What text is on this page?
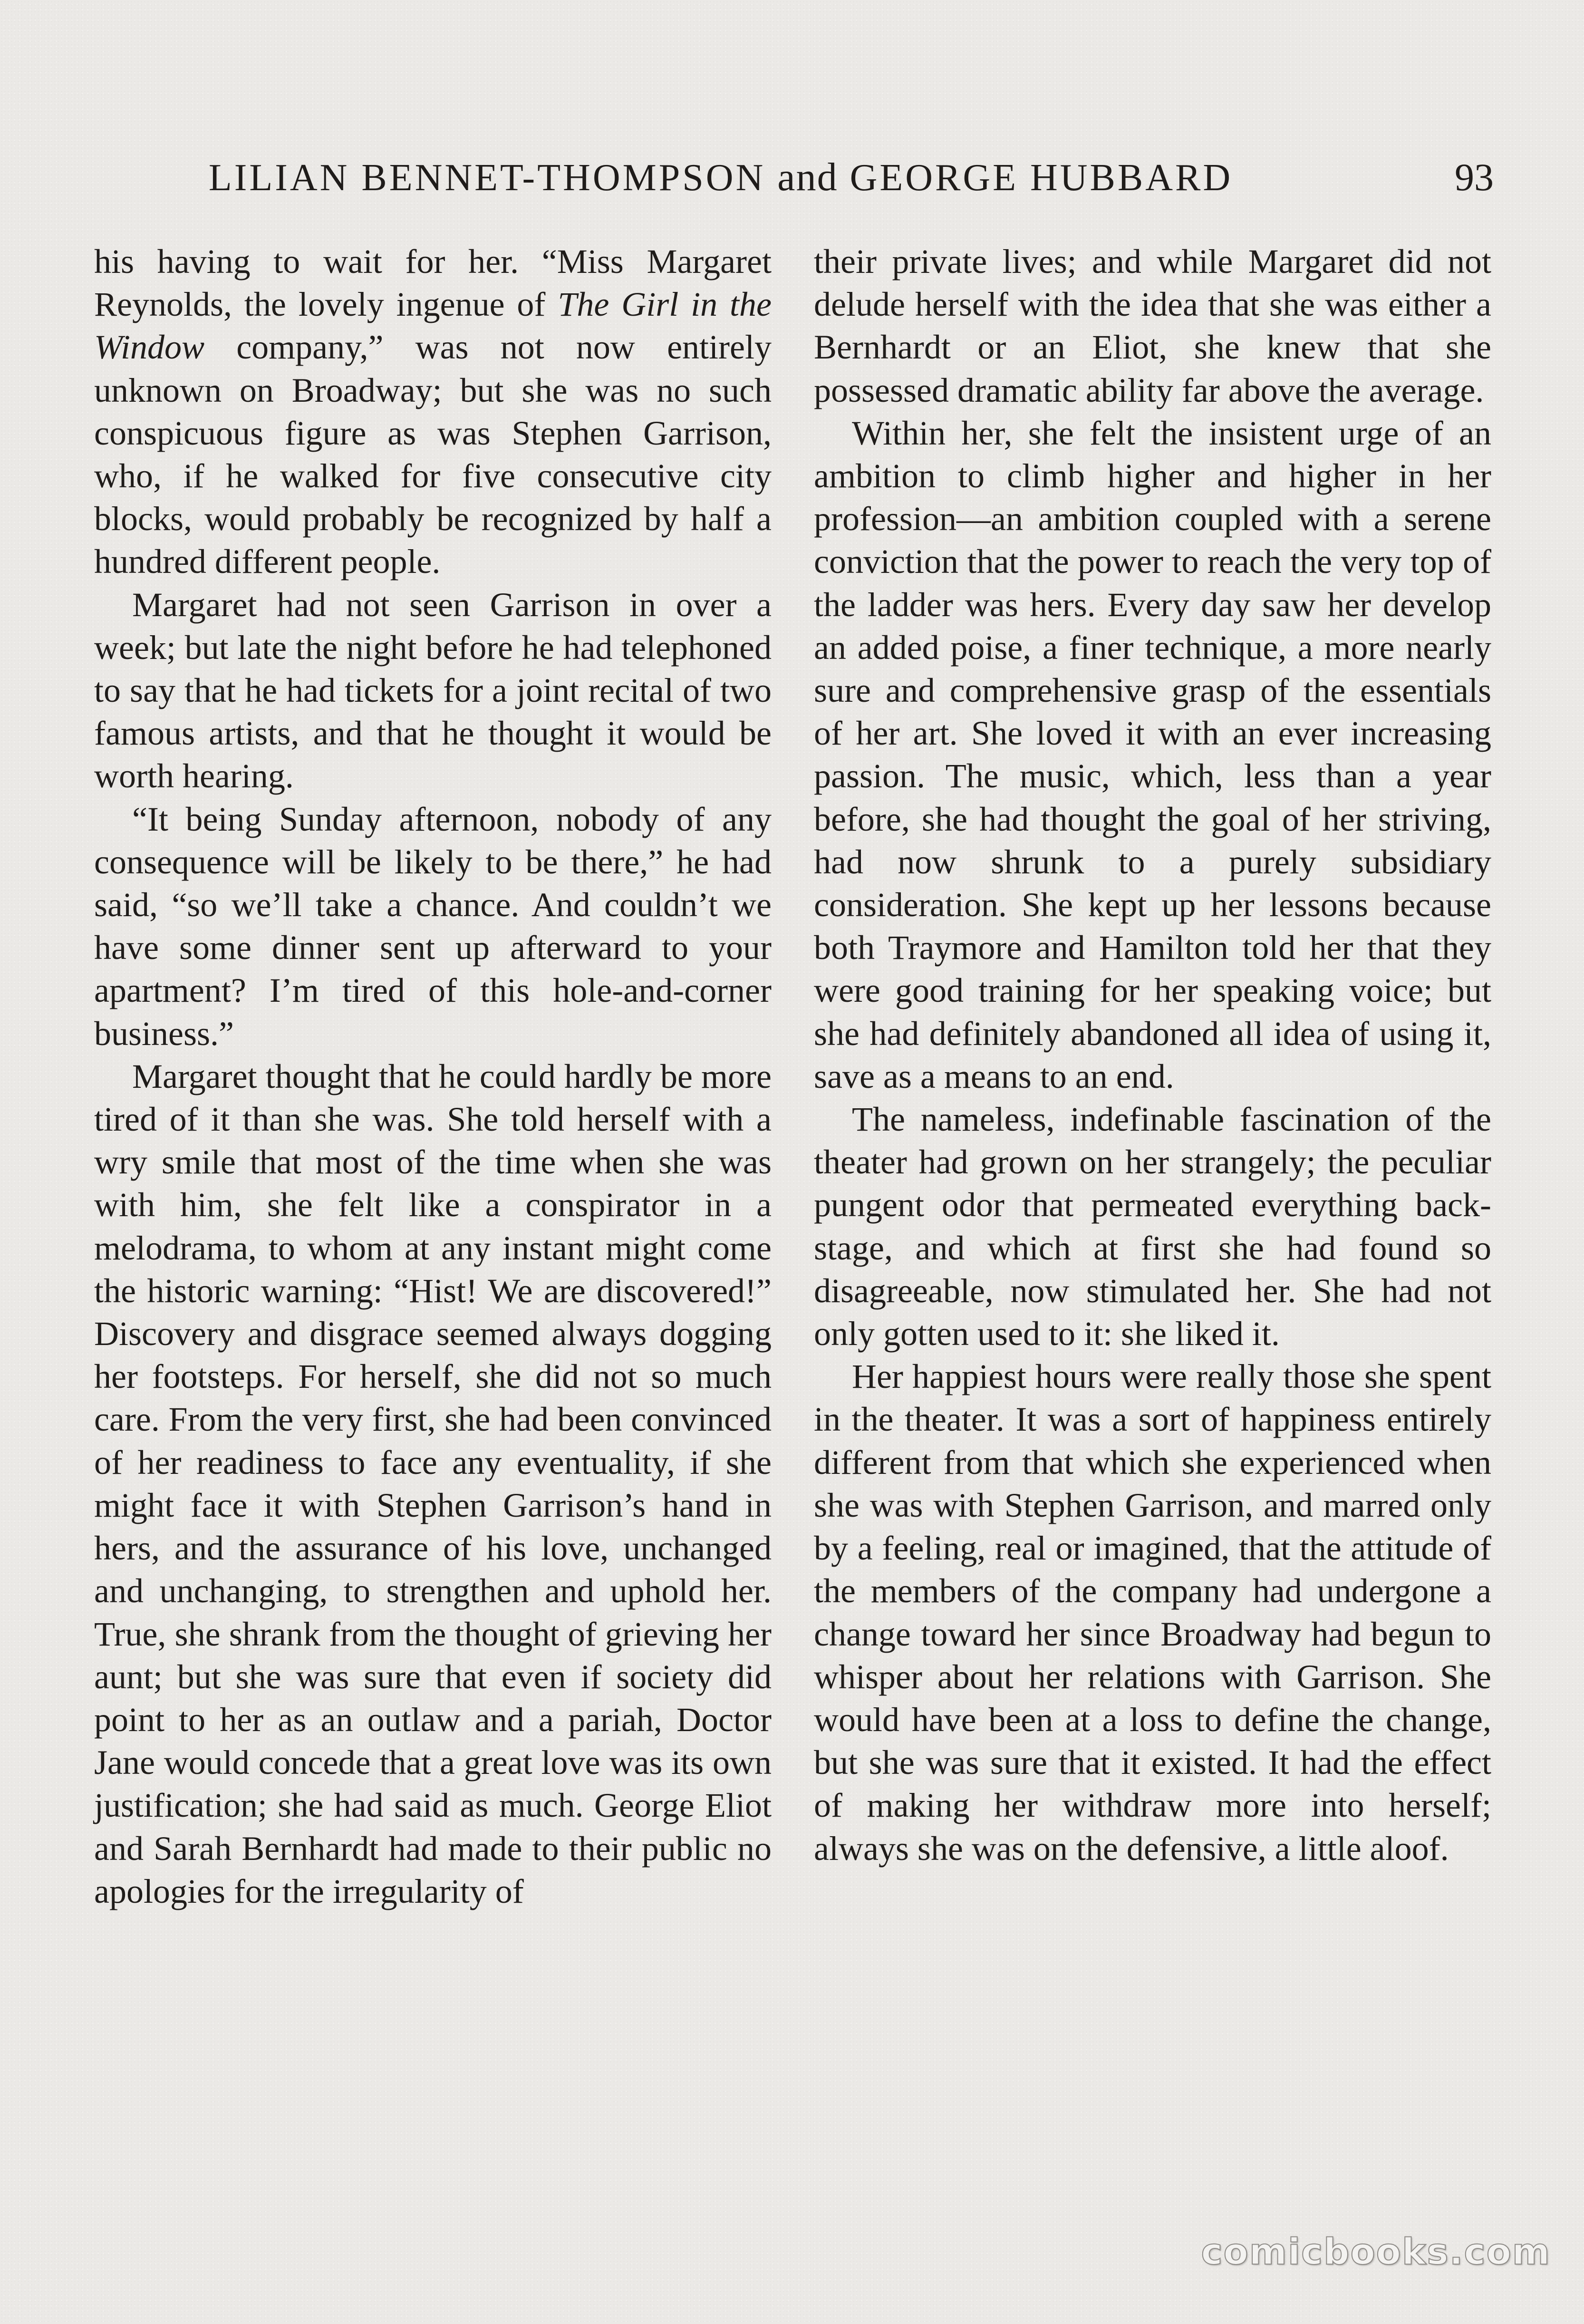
LILIAN BENNET-THOMPSON and GEORGE HUBBARD	93

his having to wait for her. “Miss Margaret Reynolds, the lovely ingenue of The Girl in the Window company,” was not now entirely unknown on Broadway; but she was no such conspicuous figure as was Stephen Garrison, who, if he walked for five consecutive city blocks, would probably be recognized by half a hundred different people.

Margaret had not seen Garrison in over a week; but late the night before he had telephoned to say that he had tickets for a joint recital of two famous artists, and that he thought it would be worth hearing.

“It being Sunday afternoon, nobody of any consequence will be likely to be there,” he had said, “so we’ll take a chance. And couldn’t we have some dinner sent up afterward to your apartment? I’m tired of this hole-and-corner business.”

Margaret thought that he could hardly be more tired of it than she was. She told herself with a wry smile that most of the time when she was with him, she felt like a conspirator in a melodrama, to whom at any instant might come the historic warning: “Hist! We are discovered!” Discovery and disgrace seemed always dogging her footsteps. For herself, she did not so much care. From the very first, she had been convinced of her readiness to face any eventuality, if she might face it with Stephen Garrison’s hand in hers, and the assurance of his love, unchanged and unchanging, to strengthen and uphold her. True, she shrank from the thought of grieving her aunt; but she was sure that even if society did point to her as an outlaw and a pariah, Doctor Jane would concede that a great love was its own justification; she had said as much. George Eliot and Sarah Bernhardt had made to their public no apologies for the irregularity of

their private lives; and while Margaret did not delude herself with the idea that she was either a Bernhardt or an Eliot, she knew that she possessed dramatic ability far above the average.

Within her, she felt the insistent urge of an ambition to climb higher and higher in her profession—an ambition coupled with a serene conviction that the power to reach the very top of the ladder was hers. Every day saw her develop an added poise, a finer technique, a more nearly sure and comprehensive grasp of the essentials of her art. She loved it with an ever increasing passion. The music, which, less than a year before, she had thought the goal of her striving, had now shrunk to a purely subsidiary consideration. She kept up her lessons because both Traymore and Hamilton told her that they were good training for her speaking voice; but she had definitely abandoned all idea of using it, save as a means to an end.

The nameless, indefinable fascination of the theater had grown on her strangely; the peculiar pungent odor that permeated everything back-stage, and which at first she had found so disagreeable, now stimulated her. She had not only gotten used to it: she liked it.

Her happiest hours were really those she spent in the theater. It was a sort of happiness entirely different from that which she experienced when she was with Stephen Garrison, and marred only by a feeling, real or imagined, that the attitude of the members of the company had undergone a change toward her since Broadway had begun to whisper about her relations with Garrison. She would have been at a loss to define the change, but she was sure that it existed. It had the effect of making her withdraw more into herself; always she was on the defensive, a little aloof.

comicbooks.com
